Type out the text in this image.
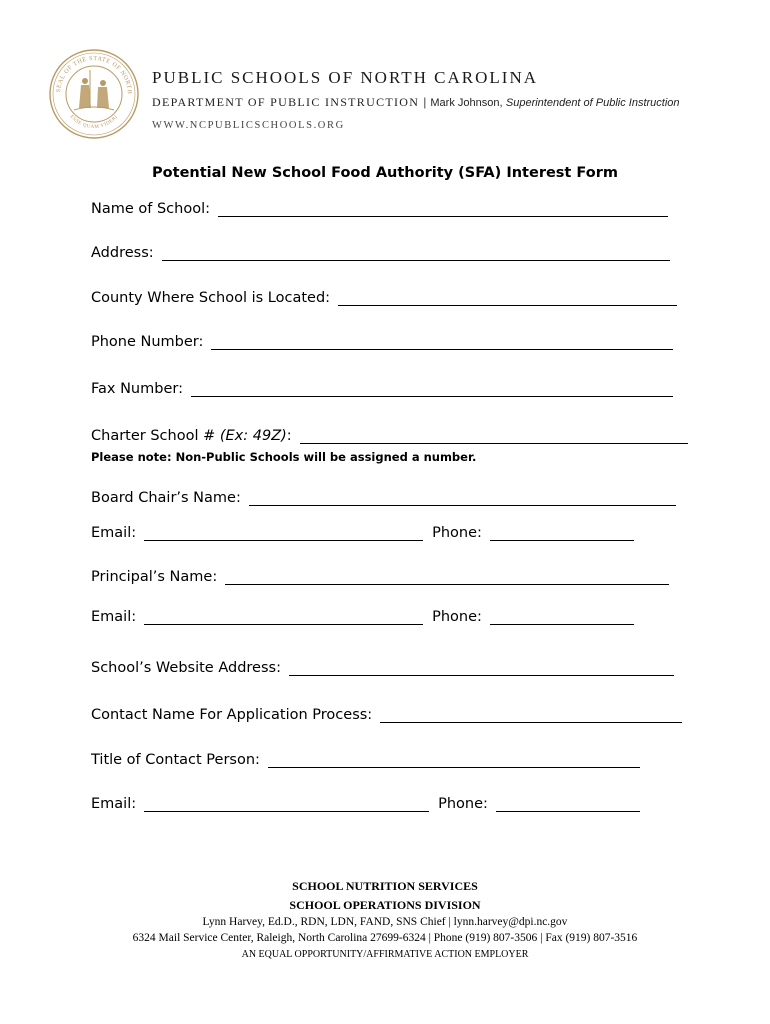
SEAL OF THE STATE OF NORTH
ESSE QUAM VIDERI
PUBLIC SCHOOLS OF NORTH CAROLINA
DEPARTMENT OF PUBLIC INSTRUCTION | Mark Johnson, Superintendent of Public Instruction
WWW.NCPUBLICSCHOOLS.ORG
Potential New School Food Authority (SFA) Interest Form
Name of School:
Address:
County Where School is Located:
Phone Number:
Fax Number:
Charter School #
(Ex: 49Z) :
Please note: Non-Public Schools will be assigned a number.
Board Chair’s Name:
Email:	Phone:
Principal’s Name:
Email:	Phone:
School’s Website Address:
Contact Name For Application Process:
Title of Contact Person:
Email:	Phone:
SCHOOL NUTRITION SERVICES
SCHOOL OPERATIONS DIVISION
Lynn Harvey, Ed.D., RDN, LDN, FAND, SNS Chief | lynn.harvey@dpi.nc.gov
6324 Mail Service Center, Raleigh, North Carolina 27699-6324 | Phone (919) 807-3506 | Fax (919) 807-3516
AN EQUAL OPPORTUNITY/AFFIRMATIVE ACTION EMPLOYER
